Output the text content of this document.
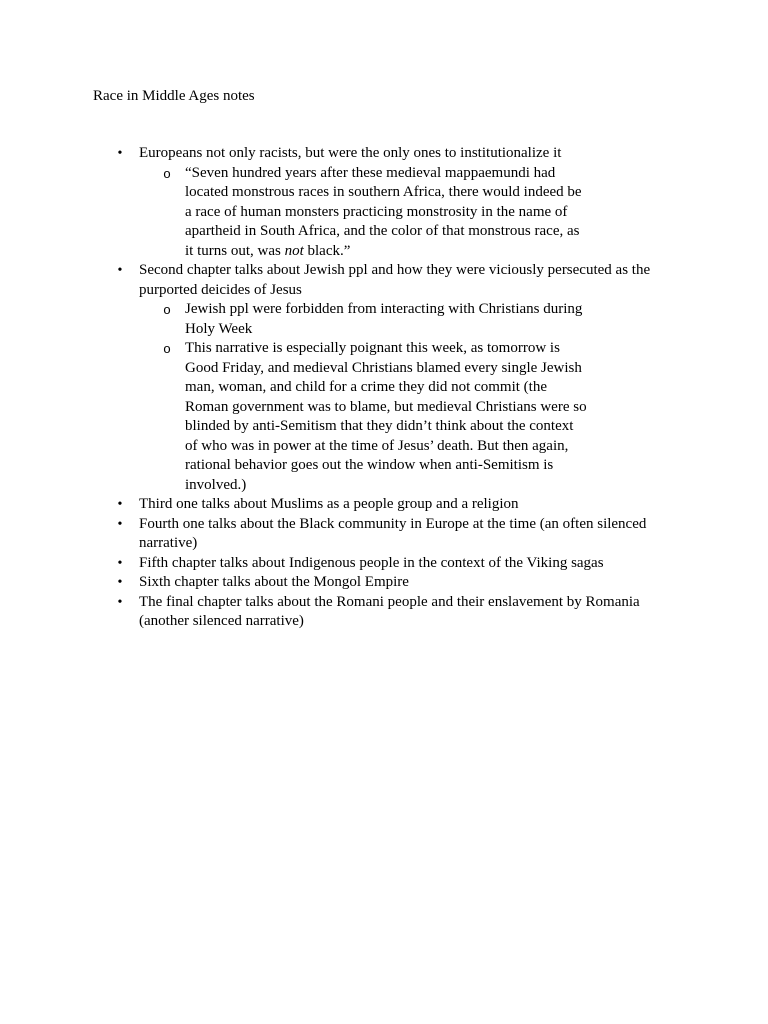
Race in Middle Ages notes
• Europeans not only racists, but were the only ones to institutionalize it
o “Seven hundred years after these medieval mappaemundi had located monstrous races in southern Africa, there would indeed be a race of human monsters practicing monstrosity in the name of apartheid in South Africa, and the color of that monstrous race, as it turns out, was not black.”
• Second chapter talks about Jewish ppl and how they were viciously persecuted as the purported deicides of Jesus
o Jewish ppl were forbidden from interacting with Christians during Holy Week
o This narrative is especially poignant this week, as tomorrow is Good Friday, and medieval Christians blamed every single Jewish man, woman, and child for a crime they did not commit (the Roman government was to blame, but medieval Christians were so blinded by anti-Semitism that they didn’t think about the context of who was in power at the time of Jesus’ death. But then again, rational behavior goes out the window when anti-Semitism is involved.)
• Third one talks about Muslims as a people group and a religion
• Fourth one talks about the Black community in Europe at the time (an often silenced narrative)
• Fifth chapter talks about Indigenous people in the context of the Viking sagas
• Sixth chapter talks about the Mongol Empire
• The final chapter talks about the Romani people and their enslavement by Romania (another silenced narrative)
